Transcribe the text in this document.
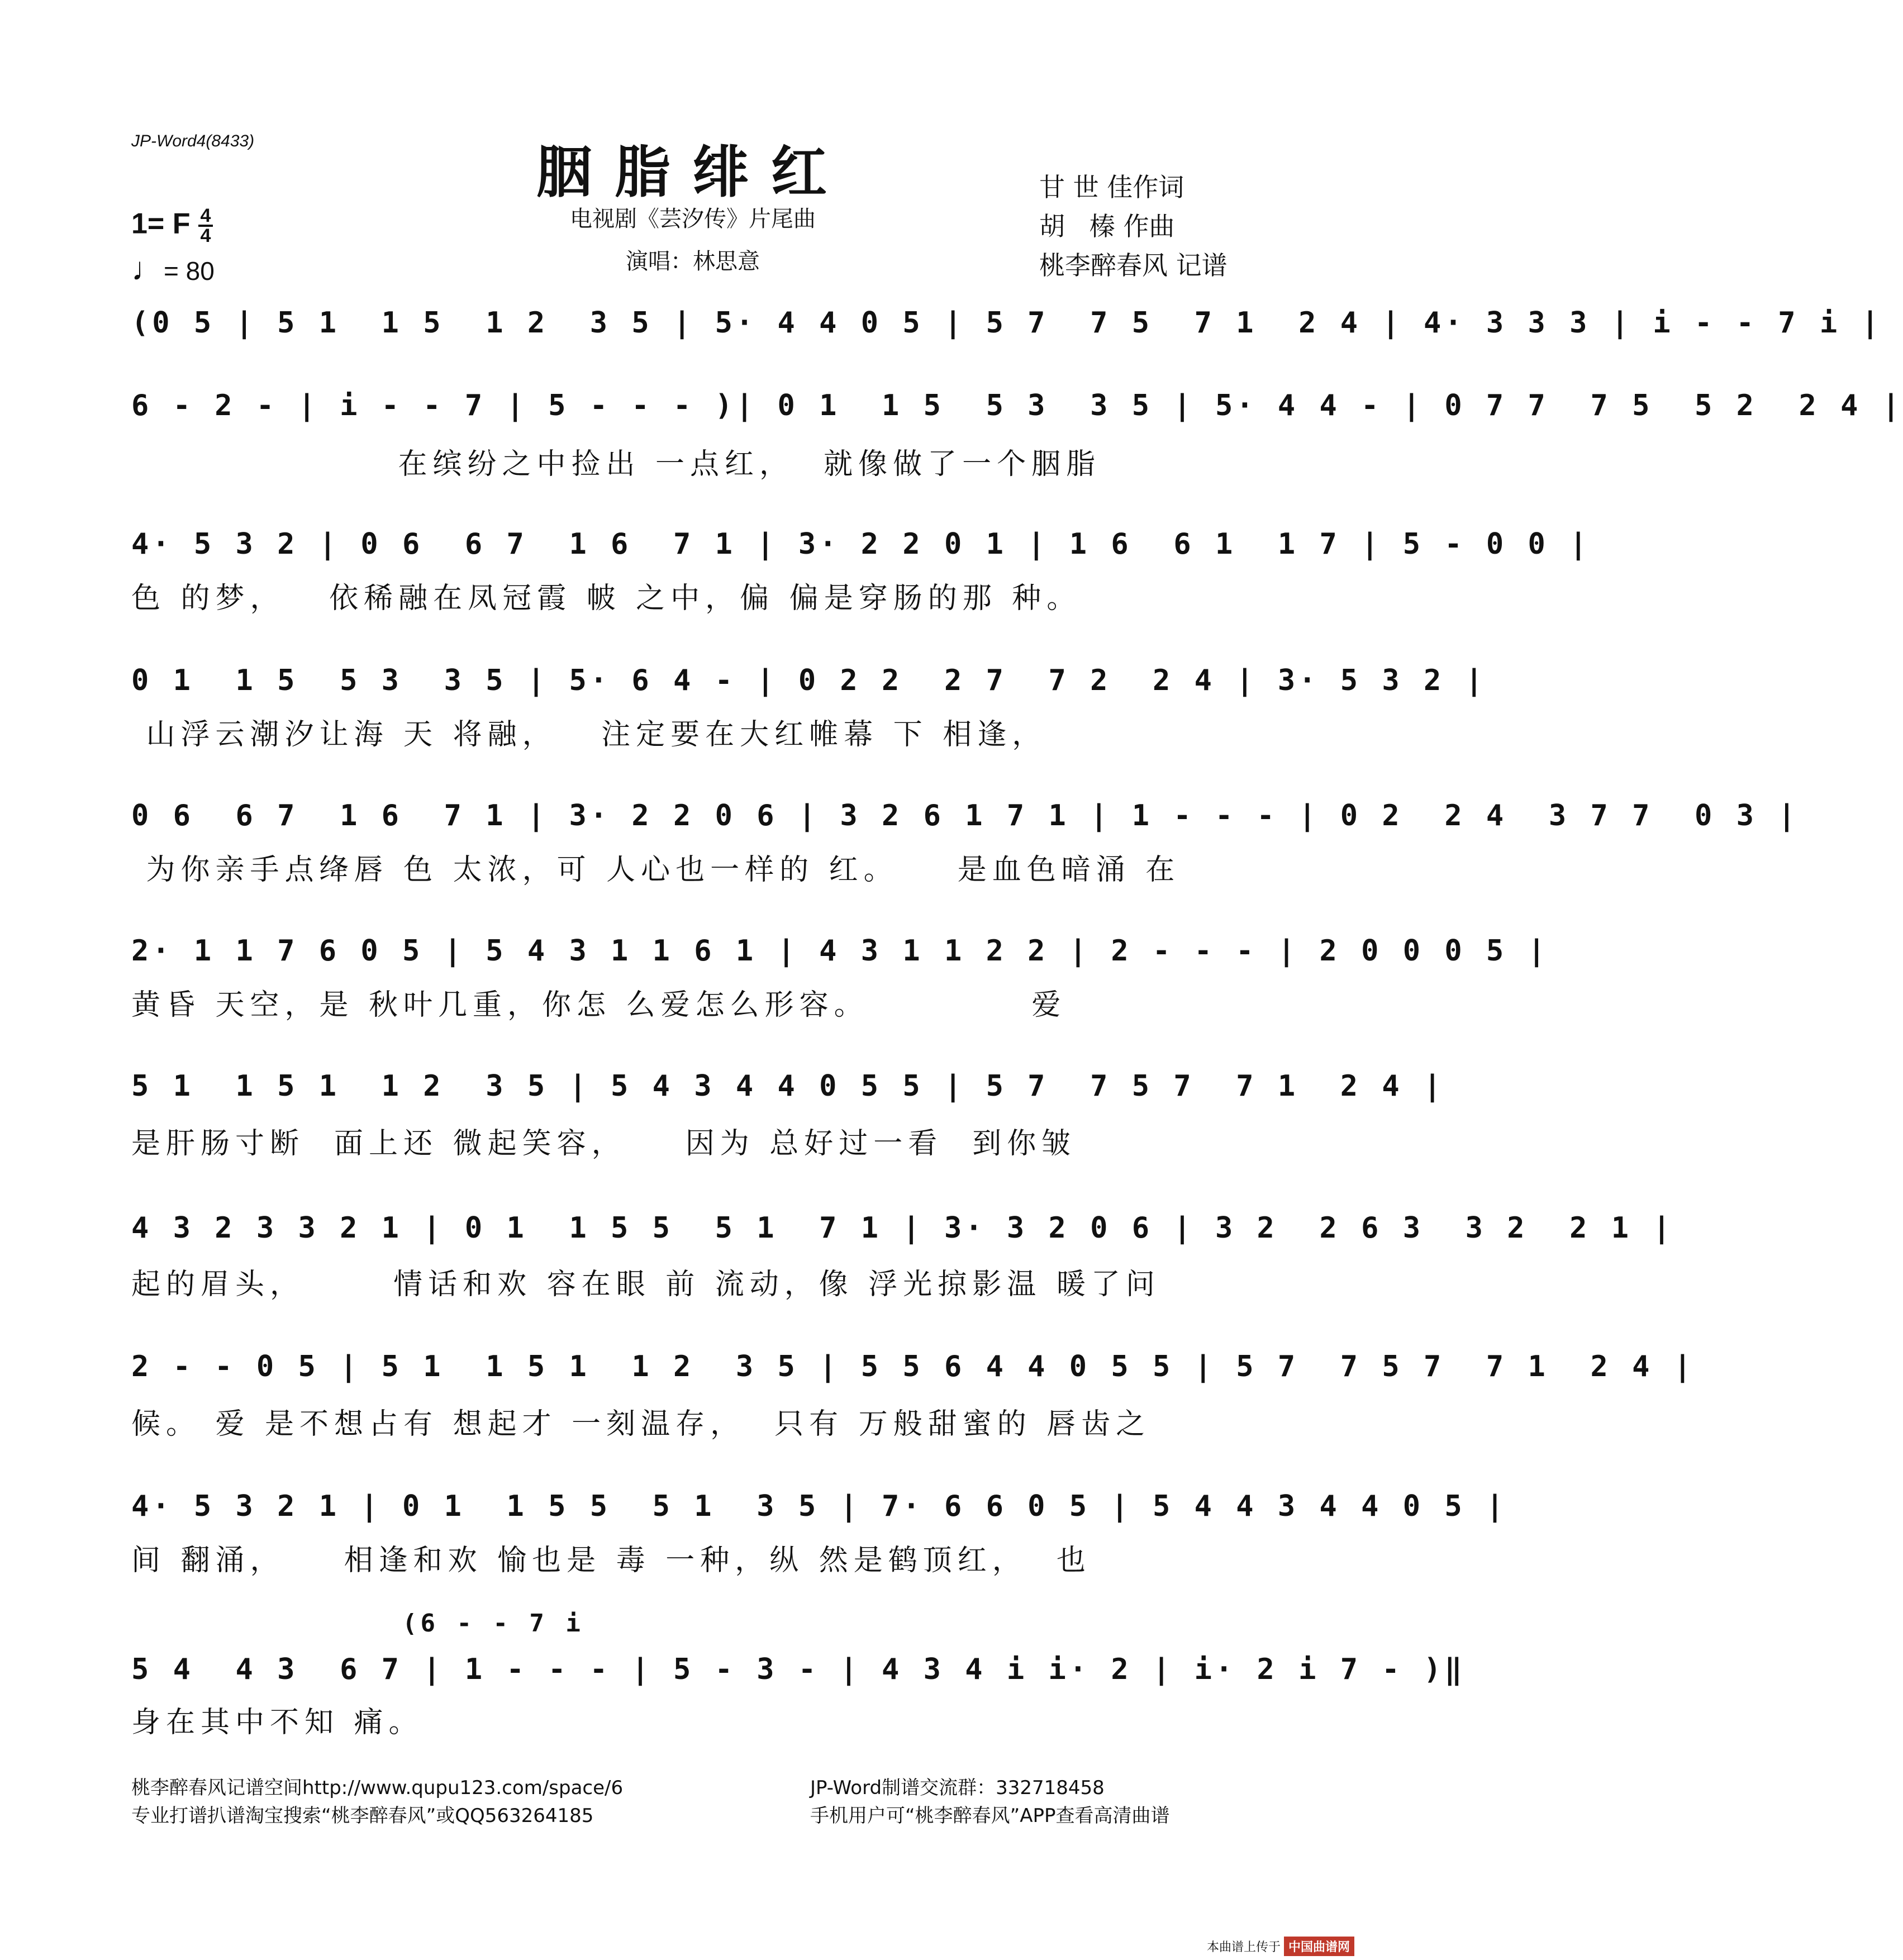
JP-Word4(8433)	胭脂绯红
电视剧《芸汐传》片尾曲
演唱：林思意
甘 世 佳作词
胡   榛 作曲
桃李醉春风 记谱
1= F $\frac{4}{4}$
♩= 80
(0 5 | 5 1  1 5  1 2  3 5 | 5· 4 4 0 5 | 5 7  7 5  7 1  2 4 | 4· 3 3 3 | i - - 7 i |
6 - 2 - | i - - 7 | 5 - - - )| 0 1  1 5  5 3  3 5 | 5· 4 4 - | 0 7 7  7 5  5 2  2 4 |
在缤纷之中捡出 一点红，  就像做了一个胭脂
4· 5 3 2 | 0 6  6 7  1 6  7 1 | 3· 2 2 0 1 | 1 6  6 1  1 7 | 5 - 0 0 |
色 的梦，   依稀融在凤冠霞 帔 之中，偏 偏是穿肠的那 种。
0 1  1 5  5 3  3 5 | 5· 6 4 - | 0 2 2  2 7  7 2  2 4 | 3· 5 3 2 |
山浮云潮汐让海 天 将融，   注定要在大红帷幕 下 相逢，
0 6  6 7  1 6  7 1 | 3· 2 2 0 6 | 3 2 6 1 7 1 | 1 - - - | 0 2  2 4  3 7 7  0 3 |
为你亲手点绛唇 色 太浓，可 人心也一样的 红。    是血色暗涌 在
2· 1 1 7 6 0 5 | 5 4 3 1 1 6 1 | 4 3 1 1 2 2 | 2 - - - | 2 0 0 0 5 |
黄昏 天空，是 秋叶几重，你怎 么爱怎么形容。           爱
5 1  1 5 1  1 2  3 5 | 5 4 3 4 4 0 5 5 | 5 7  7 5 7  7 1  2 4 |
是肝肠寸断  面上还 微起笑容，    因为 总好过一看  到你皱
4 3 2 3 3 2 1 | 0 1  1 5 5  5 1  7 1 | 3· 3 2 0 6 | 3 2  2 6 3  3 2  2 1 |
起的眉头，      情话和欢 容在眼 前 流动，像 浮光掠影温 暖了问
2 - - 0 5 | 5 1  1 5 1  1 2  3 5 | 5 5 6 4 4 0 5 5 | 5 7  7 5 7  7 1  2 4 |
候。 爱 是不想占有 想起才 一刻温存，  只有 万般甜蜜的 唇齿之
4· 5 3 2 1 | 0 1  1 5 5  5 1  3 5 | 7· 6 6 0 5 | 5 4 4 3 4 4 0 5 |
间 翻涌，    相逢和欢 愉也是 毒 一种，纵 然是鹤顶红，  也
(6 - - 7 i
5 4  4 3  6 7 | 1 - - - | 5 - 3 - | 4 3 4 i i· 2 | i· 2 i 7 - )‖
身在其中不知 痛。
桃李醉春风记谱空间http://www.qupu123.com/space/6
专业打谱扒谱淘宝搜索“桃李醉春风”或QQ563264185
JP-Word制谱交流群：332718458
手机用户可“桃李醉春风”APP查看高清曲谱
本曲谱上传于 中国曲谱网
